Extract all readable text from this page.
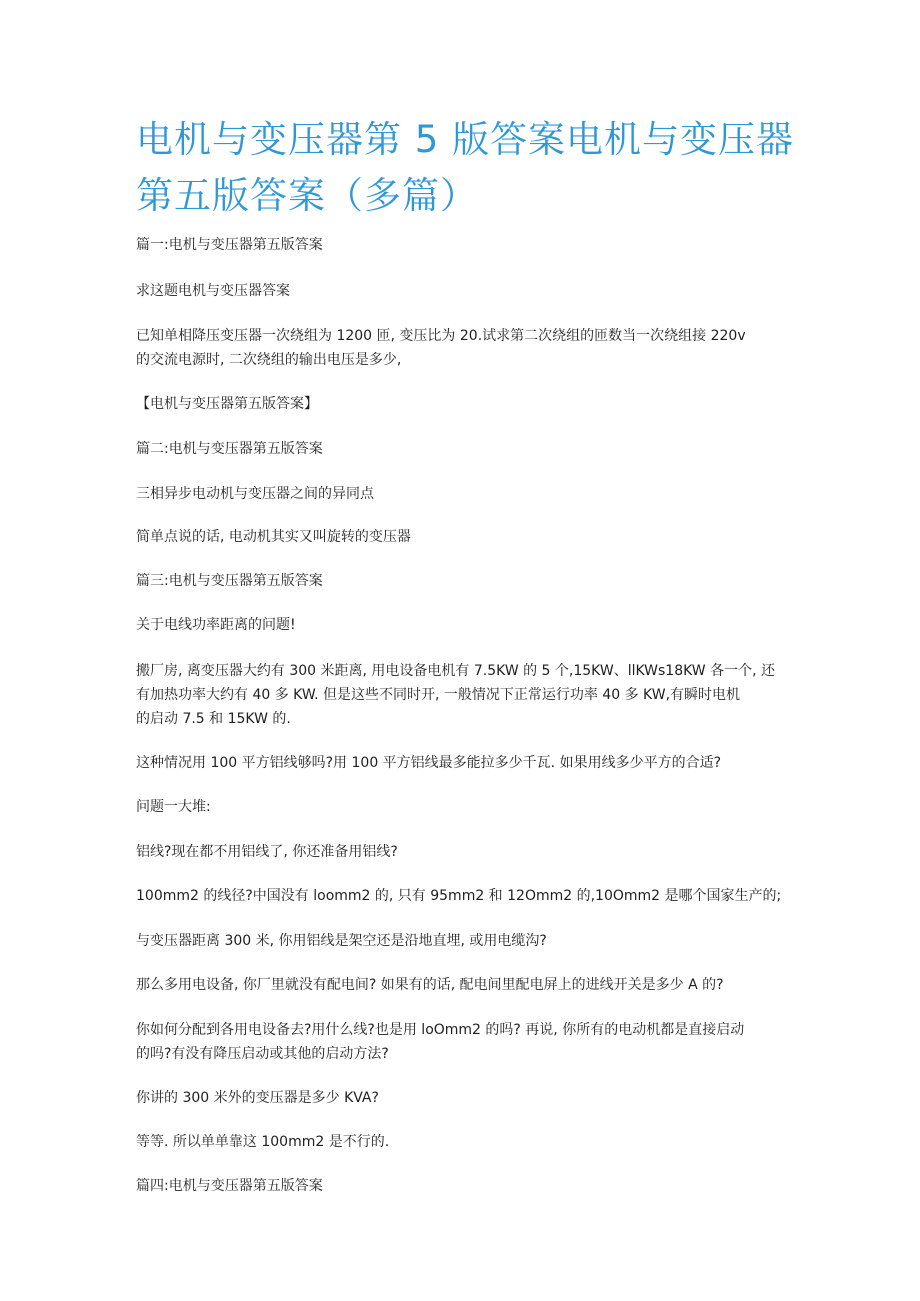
电机与变压器第 5 版答案电机与变压器
第五版答案（多篇）

篇一:电机与变压器第五版答案

求这题电机与变压器答案

已知单相降压变压器一次绕组为 1200 匝, 变压比为 20.试求第二次绕组的匝数当一次绕组接 220v

的交流电源时, 二次绕组的输出电压是多少,

【电机与变压器第五版答案】

篇二:电机与变压器第五版答案

三相异步电动机与变压器之间的异同点

简单点说的话, 电动机其实又叫旋转的变压器

篇三:电机与变压器第五版答案

关于电线功率距离的问题!

搬厂房, 离变压器大约有 300 米距离, 用电设备电机有 7.5KW 的 5 个,15KW、llKWs18KW 各一个, 还

有加热功率大约有 40 多 KW. 但是这些不同时开, 一般情况下正常运行功率 40 多 KW,有瞬时电机

的启动 7.5 和 15KW 的.

这种情况用 100 平方铝线够吗?用 100 平方铝线最多能拉多少千瓦. 如果用线多少平方的合适?

问题一大堆:

铝线?现在都不用铝线了, 你还准备用铝线?

100mm2 的线径?中国没有 loomm2 的, 只有 95mm2 和 12Omm2 的,10Omm2 是哪个国家生产的;

与变压器距离 300 米, 你用铝线是架空还是沿地直埋, 或用电缆沟?

那么多用电设备, 你厂里就没有配电间? 如果有的话, 配电间里配电屏上的进线开关是多少 A 的?

你如何分配到各用电设备去?用什么线?也是用 loOmm2 的吗? 再说, 你所有的电动机都是直接启动

的吗?有没有降压启动或其他的启动方法?

你讲的 300 米外的变压器是多少 KVA?

等等. 所以单单靠这 100mm2 是不行的.

篇四:电机与变压器第五版答案
